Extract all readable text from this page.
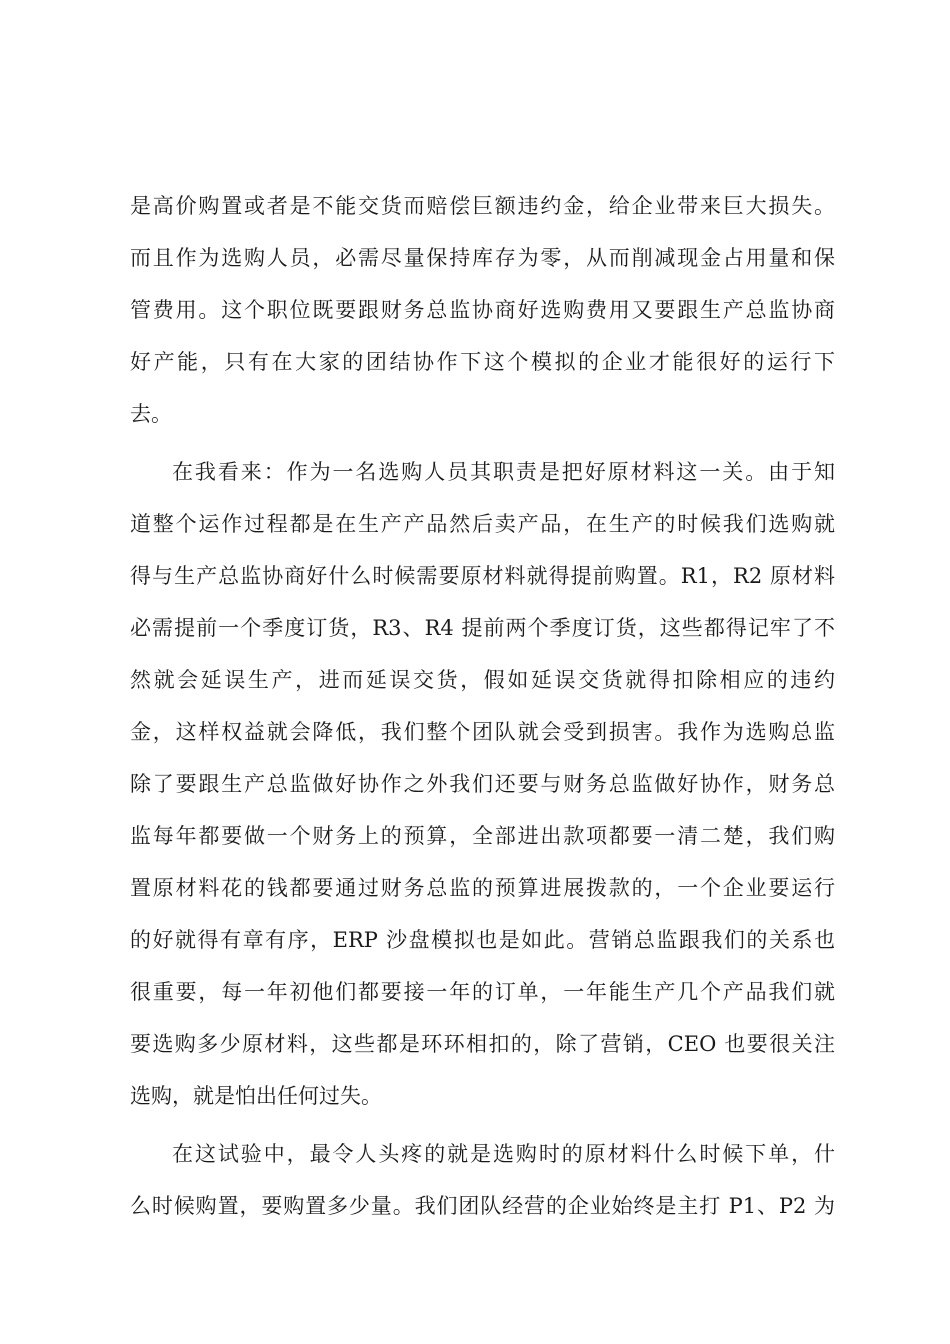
是高价购置或者是不能交货而赔偿巨额违约金，给企业带来巨大损失。
而且作为选购人员，必需尽量保持库存为零，从而削减现金占用量和保
管费用。这个职位既要跟财务总监协商好选购费用又要跟生产总监协商
好产能，只有在大家的团结协作下这个模拟的企业才能很好的运行下
去。
在我看来：作为一名选购人员其职责是把好原材料这一关。由于知
道整个运作过程都是在生产产品然后卖产品，在生产的时候我们选购就
得与生产总监协商好什么时候需要原材料就得提前购置。R1，R2 原材料
必需提前一个季度订货，R3、R4 提前两个季度订货，这些都得记牢了不
然就会延误生产，进而延误交货，假如延误交货就得扣除相应的违约
金，这样权益就会降低，我们整个团队就会受到损害。我作为选购总监
除了要跟生产总监做好协作之外我们还要与财务总监做好协作，财务总
监每年都要做一个财务上的预算，全部进出款项都要一清二楚，我们购
置原材料花的钱都要通过财务总监的预算进展拨款的，一个企业要运行
的好就得有章有序，ERP 沙盘模拟也是如此。营销总监跟我们的关系也
很重要，每一年初他们都要接一年的订单，一年能生产几个产品我们就
要选购多少原材料，这些都是环环相扣的，除了营销，CEO 也要很关注
选购，就是怕出任何过失。
在这试验中，最令人头疼的就是选购时的原材料什么时候下单，什
么时候购置，要购置多少量。我们团队经营的企业始终是主打 P1、P2 为
